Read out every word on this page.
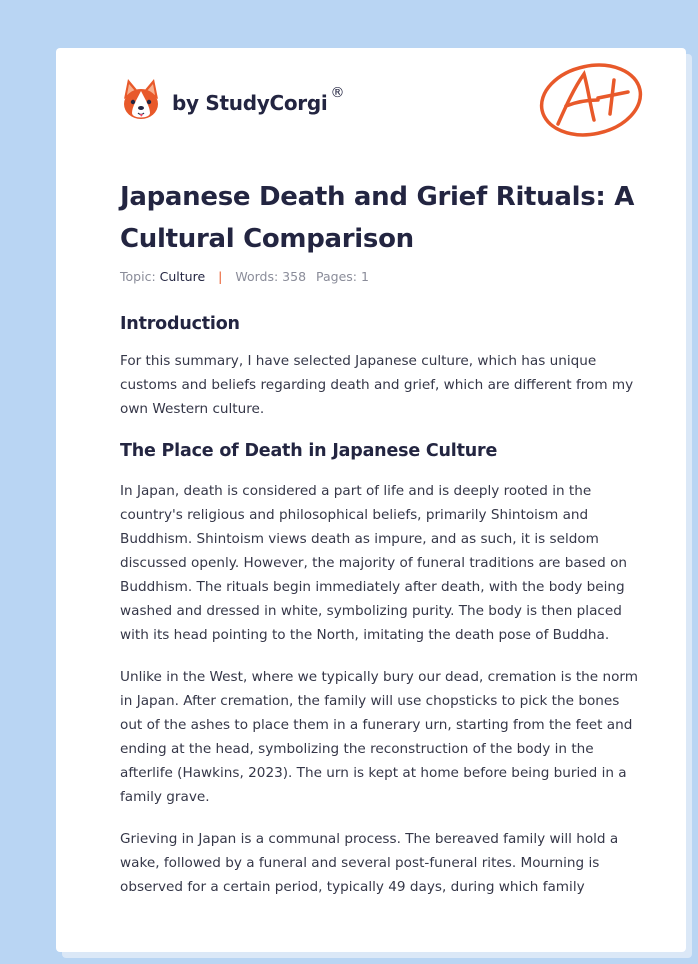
by StudyCorgi ®
Japanese Death and Grief Rituals: A Cultural Comparison
Topic: Culture | Words: 358 Pages: 1
Introduction

For this summary, I have selected Japanese culture, which has unique customs and beliefs regarding death and grief, which are different from my own Western culture.

The Place of Death in Japanese Culture

In Japan, death is considered a part of life and is deeply rooted in the country's religious and philosophical beliefs, primarily Shintoism and Buddhism. Shintoism views death as impure, and as such, it is seldom discussed openly. However, the majority of funeral traditions are based on Buddhism. The rituals begin immediately after death, with the body being washed and dressed in white, symbolizing purity. The body is then placed with its head pointing to the North, imitating the death pose of Buddha.

Unlike in the West, where we typically bury our dead, cremation is the norm in Japan. After cremation, the family will use chopsticks to pick the bones out of the ashes to place them in a funerary urn, starting from the feet and ending at the head, symbolizing the reconstruction of the body in the afterlife (Hawkins, 2023). The urn is kept at home before being buried in a family grave.

Grieving in Japan is a communal process. The bereaved family will hold a wake, followed by a funeral and several post-funeral rites. Mourning is observed for a certain period, typically 49 days, during which family
